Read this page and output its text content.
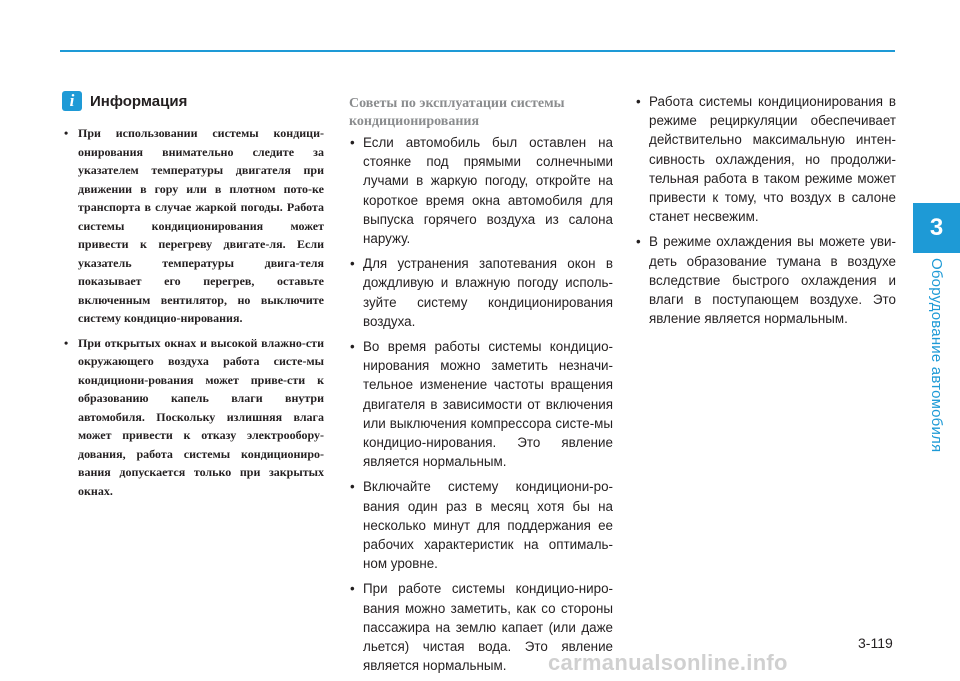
3
Оборудование автомобиля
i	Информация
• При использовании системы кондици-онирования внимательно следите за указателем температуры двигателя при движении в гору или в плотном пото-ке транспорта в случае жаркой погоды. Работа системы кондиционирования может привести к перегреву двигате-ля. Если указатель температуры двига-теля показывает его перегрев, оставьте включенным вентилятор, но выключите систему кондицио-нирования.
• При открытых окнах и высокой влажно-сти окружающего воздуха работа систе-мы кондициони-рования может приве-сти к образованию капель влаги внутри автомобиля. Поскольку излишняя влага может привести к отказу электрообору-дования, работа системы кондициониро-вания допускается только при закрытых окнах.
Советы по эксплуатации системы кондиционирования
• Если автомобиль был оставлен на стоянке под прямыми солнечными лучами в жаркую погоду, откройте на короткое время окна автомобиля для выпуска горячего воздуха из салона наружу.
• Для устранения запотевания окон в дождливую и влажную погоду исполь-зуйте систему кондиционирования воздуха.
• Во время работы системы кондицио-нирования можно заметить незначи-тельное изменение частоты вращения двигателя в зависимости от включения или выключения компрессора систе-мы кондицио-нирования. Это явление является нормальным.
• Включайте систему кондициони-ро-вания один раз в месяц хотя бы на несколько минут для поддержания ее рабочих характеристик на оптималь-ном уровне.
• При работе системы кондицио-ниро-вания можно заметить, как со стороны пассажира на землю капает (или даже льется) чистая вода. Это явление является нормальным.
• Работа системы кондиционирования в режиме рециркуляции обеспечивает действительно максимальную интен-сивность охлаждения, но продолжи-тельная работа в таком режиме может привести к тому, что воздух в салоне станет несвежим.
• В режиме охлаждения вы можете уви-деть образование тумана в воздухе вследствие быстрого охлаждения и влаги в поступающем воздухе. Это явление является нормальным.
3-119
carmanualsonline.info
